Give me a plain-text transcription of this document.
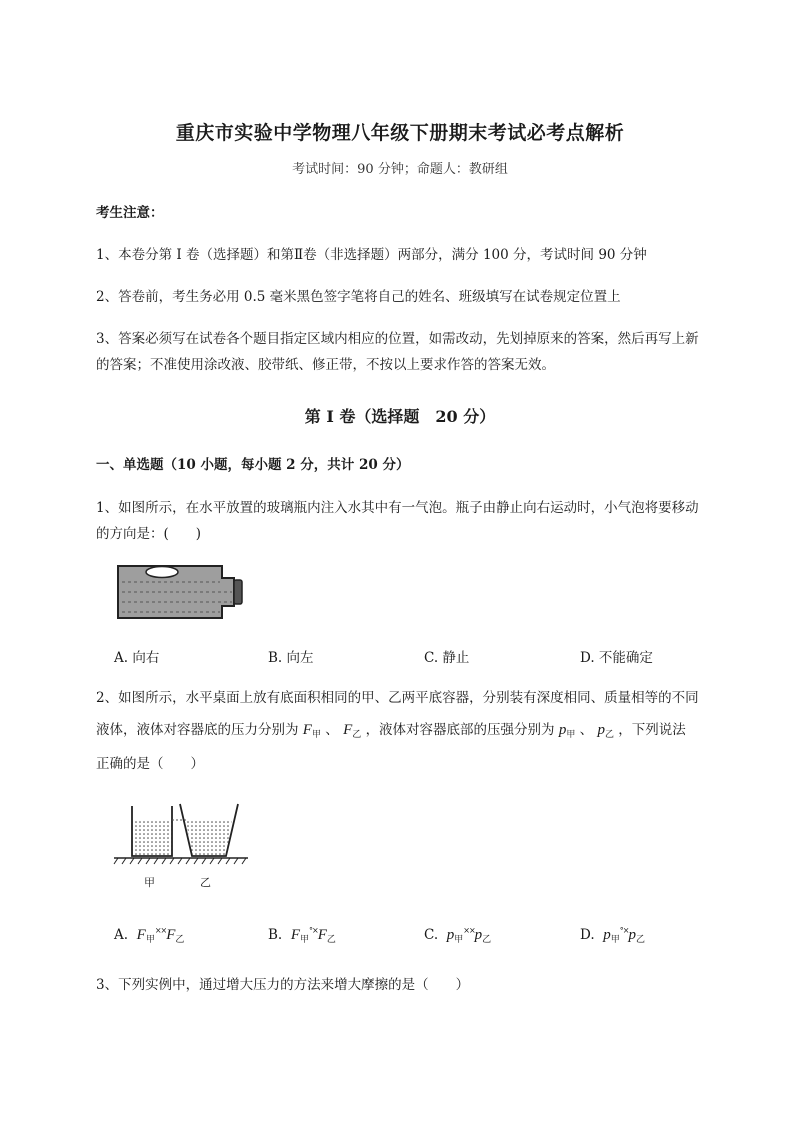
重庆市实验中学物理八年级下册期末考试必考点解析
考试时间：90 分钟；命题人：教研组
考生注意：
1、本卷分第 I 卷（选择题）和第Ⅱ卷（非选择题）两部分，满分 100 分，考试时间 90 分钟
2、答卷前，考生务必用 0.5 毫米黑色签字笔将自己的姓名、班级填写在试卷规定位置上
3、答案必须写在试卷各个题目指定区域内相应的位置，如需改动，先划掉原来的答案，然后再写上新
的答案；不准使用涂改液、胶带纸、修正带，不按以上要求作答的答案无效。
第 I 卷（选择题　20 分）
一、单选题（10 小题，每小题 2 分，共计 20 分）
1、如图所示，在水平放置的玻璃瓶内注入水其中有一气泡。瓶子由静止向右运动时，小气泡将要移动
的方向是：(　　)
A. 向右	B. 向左	C. 静止	D. 不能确定
2、如图所示，水平桌面上放有底面积相同的甲、乙两平底容器，分别装有深度相同、质量相等的不同
液体，液体对容器底的压力分别为 $F_甲$ 、 $F_乙$ ，液体对容器底部的压强分别为 $p_甲$ 、 $p_乙$ ，下列说法
正确的是（　　）
甲	乙
A. $F_甲^{\times\times}F_乙$	B. $F_甲^{^\circ\times}F_乙$	C. $p_甲^{\times\times}p_乙$	D. $p_甲^{^\circ\times}p_乙$
3、下列实例中，通过增大压力的方法来增大摩擦的是（　　）
